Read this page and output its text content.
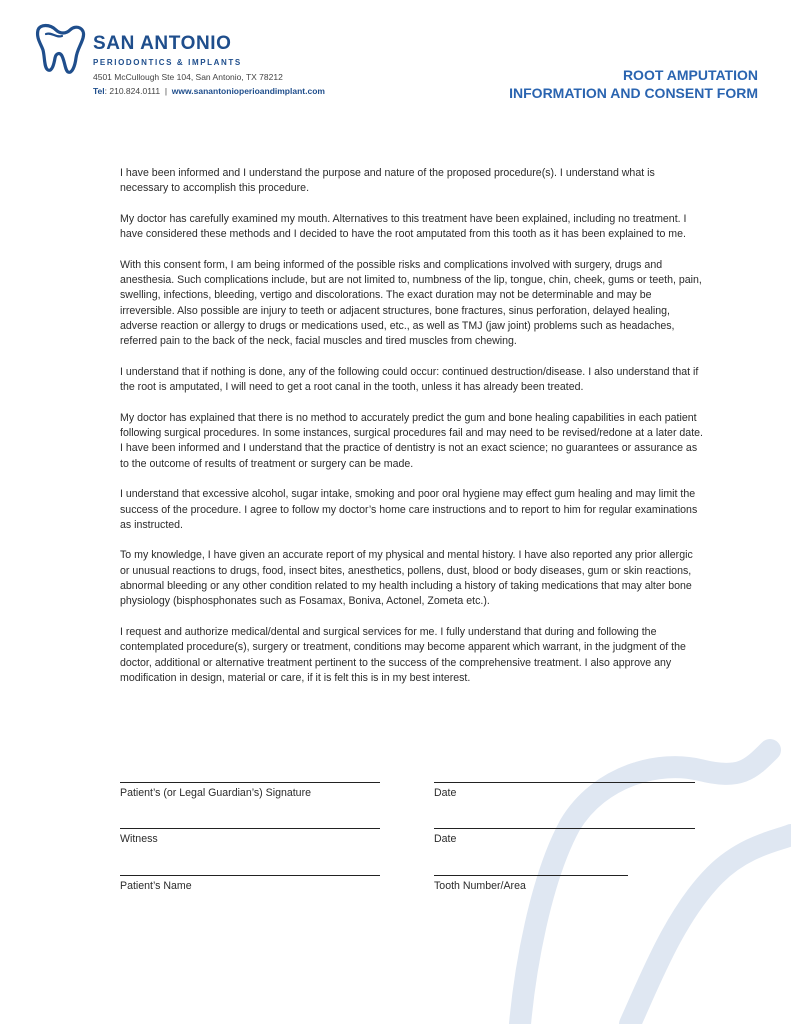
SAN ANTONIO
PERIODONTICS & IMPLANTS
4501 McCullough Ste 104, San Antonio, TX 78212
Tel: 210.824.0111  |  www.sanantonioperioandimplant.com
ROOT AMPUTATION
INFORMATION AND CONSENT FORM

I have been informed and I understand the purpose and nature of the proposed procedure(s). I understand what is necessary to accomplish this procedure.

My doctor has carefully examined my mouth. Alternatives to this treatment have been explained, including no treatment. I have considered these methods and I decided to have the root amputated from this tooth as it has been explained to me.

With this consent form, I am being informed of the possible risks and complications involved with surgery, drugs and anesthesia. Such complications include, but are not limited to, numbness of the lip, tongue, chin, cheek, gums or teeth, pain, swelling, infections, bleeding, vertigo and discolorations. The exact duration may not be determinable and may be irreversible. Also possible are injury to teeth or adjacent structures, bone fractures, sinus perforation, delayed healing, adverse reaction or allergy to drugs or medications used, etc., as well as TMJ (jaw joint) problems such as headaches, referred pain to the back of the neck, facial muscles and tired muscles from chewing.

I understand that if nothing is done, any of the following could occur: continued destruction/disease. I also understand that if the root is amputated, I will need to get a root canal in the tooth, unless it has already been treated.

My doctor has explained that there is no method to accurately predict the gum and bone healing capabilities in each patient following surgical procedures. In some instances, surgical procedures fail and may need to be revised/redone at a later date. I have been informed and I understand that the practice of dentistry is not an exact science; no guarantees or assurance as to the outcome of results of treatment or surgery can be made.

I understand that excessive alcohol, sugar intake, smoking and poor oral hygiene may effect gum healing and may limit the success of the procedure. I agree to follow my doctor’s home care instructions and to report to him for regular examinations as instructed.

To my knowledge, I have given an accurate report of my physical and mental history. I have also reported any prior allergic or unusual reactions to drugs, food, insect bites, anesthetics, pollens, dust, blood or body diseases, gum or skin reactions, abnormal bleeding or any other condition related to my health including a history of taking medications that may alter bone physiology (bisphosphonates such as Fosamax, Boniva, Actonel, Zometa etc.).

I request and authorize medical/dental and surgical services for me. I fully understand that during and following the contemplated procedure(s), surgery or treatment, conditions may become apparent which warrant, in the judgment of the doctor, additional or alternative treatment pertinent to the success of the comprehensive treatment. I also approve any modification in design, material or care, if it is felt this is in my best interest.

Patient’s (or Legal Guardian’s) Signature	Date
Witness	Date
Patient’s Name	Tooth Number/Area
